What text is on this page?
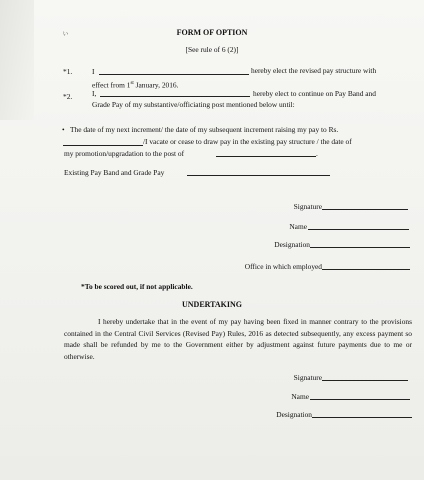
ぃ	FORM OF OPTION
[See rule of 6 (2)]
*1.	I	hereby elect the revised pay structure with
effect from 1st January, 2016.
*2.	I,	hereby elect to continue on Pay Band and
Grade Pay of my substantive/officiating post mentioned below until:
• The date of my next increment/ the date of my subsequent increment raising my pay to Rs.
/I vacate or cease to draw pay in the existing pay structure / the date of
my promotion/upgradation to the post of	.
Existing Pay Band and Grade Pay
Signature
Name
Designation
Office in which employed
*To be scored out, if not applicable.
UNDERTAKING
I hereby undertake that in the event of my pay having been fixed in manner contrary to the provisions contained in the Central Civil Services (Revised Pay) Rules, 2016 as detected subsequently, any excess payment so made shall be refunded by me to the Government either by adjustment against future payments due to me or otherwise.
Signature
Name
Designation
